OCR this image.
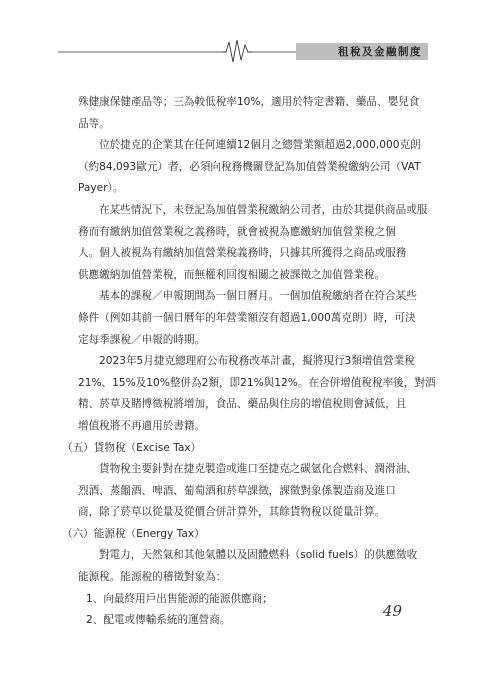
租稅及金融制度

殊健康保健產品等；三為較低稅率10%，適用於特定書籍、藥品、嬰兒食
品等。

位於捷克的企業其在任何連續12個月之總營業額超過2,000,000克朗
（約84,093歐元）者，必須向稅務機關登記為加值營業稅繳納公司（VAT
Payer）。

在某些情況下，未登記為加值營業稅繳納公司者，由於其提供商品或服
務而有繳納加值營業稅之義務時，就會被視為應繳納加值營業稅之個
人。個人被視為有繳納加值營業稅義務時，只據其所獲得之商品或服務
供應繳納加值營業稅，而無權利回復相關之被課徵之加值營業稅。

基本的課稅／申報期間為一個日曆月。一個加值稅繳納者在符合某些
條件（例如其前一個日曆年的年營業額沒有超過1,000萬克朗）時，可決
定每季課稅／申報的時期。

2023年5月捷克總理府公布稅務改革計畫，擬將現行3類增值營業稅
21%、15%及10%整併為2類，即21%與12%。在合併增值稅稅率後，對酒
精、菸草及賭博徵稅將增加，食品、藥品與住房的增值稅則會減低，且
增值稅將不再適用於書籍。

（五）貨物稅（Excise Tax）

貨物稅主要針對在捷克製造或進口至捷克之碳氫化合燃料、潤滑油、
烈酒、蒸餾酒、啤酒、葡萄酒和菸草課徵，課徵對象係製造商及進口
商，除了菸草以從量及從價合併計算外，其餘貨物稅以從量計算。

（六）能源稅（Energy Tax）

對電力，天然氣和其他氣體以及固體燃料（solid fuels）的供應徵收
能源稅。能源稅的稽徵對象為：

1、向最終用戶出售能源的能源供應商；
2、配電或傳輸系統的運營商。
49
